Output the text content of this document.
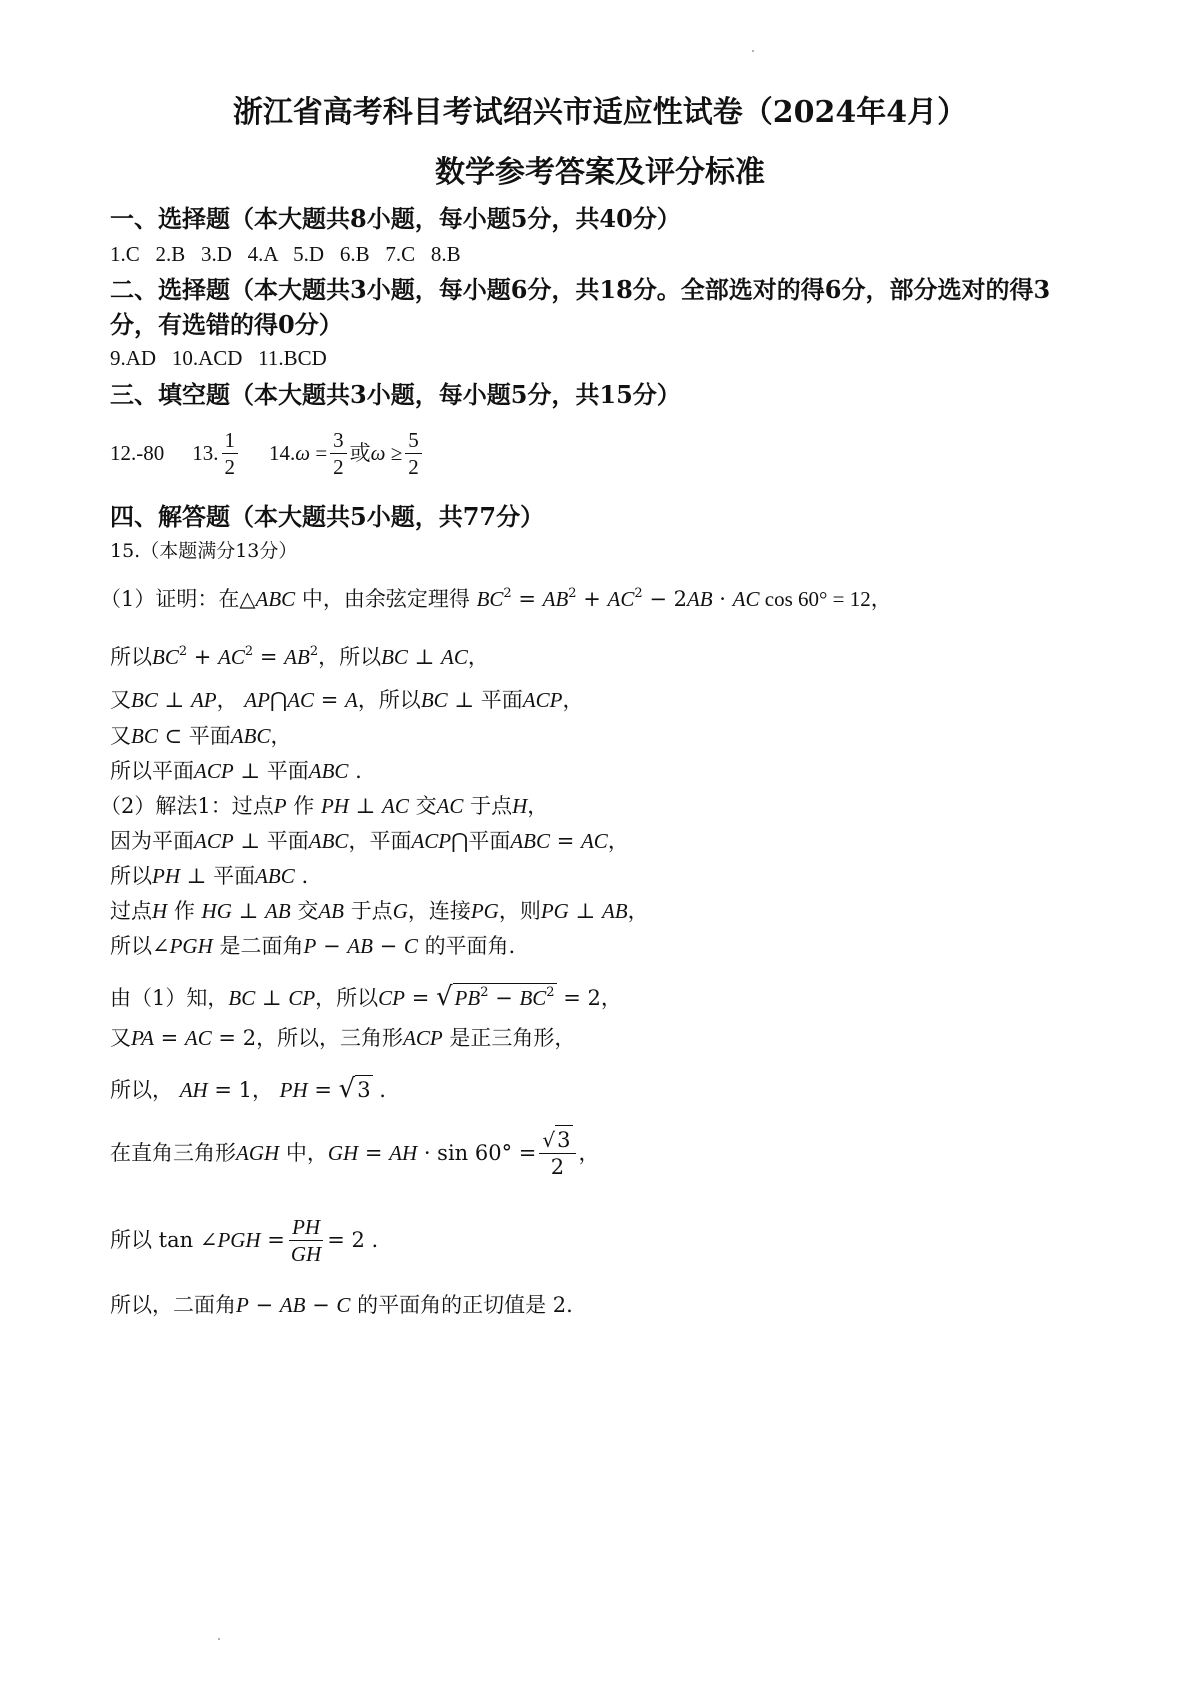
浙江省高考科目考试绍兴市适应性试卷（2024年4月）
数学参考答案及评分标准
一、选择题（本大题共8小题，每小题5分，共40分）
1.C   2.B   3.D   4.A   5.D   6.B   7.C   8.B
二、选择题（本大题共3小题，每小题6分，共18分。全部选对的得6分，部分选对的得3
分，有选错的得0分）
9.AD   10.ACD   11.BCD
三、填空题（本大题共3小题，每小题5分，共15分）
12.-80 13. $\frac{1}{2} 14$. $\omega = \frac{3}{2}$ 或 $\omega \ge \frac{5}{2}$
四、解答题（本大题共5小题，共77分）
15.（本题满分13分）
（1）证明：在△ABC 中，由余弦定理得 $BC^2 = AB^2 + AC^2 - 2AB$ · AC cos 60° = 12，
所以$BC^2 + AC^2 = AB^2$，所以BC ⊥ AC，
又BC ⊥ AP， AP⋂AC = A，所以BC ⊥ 平面ACP，
又BC ⊂ 平面ABC，
所以平面ACP ⊥ 平面ABC .
（2）解法1：过点P 作 PH ⊥ AC 交AC 于点H，
因为平面ACP ⊥ 平面ABC，平面ACP⋂平面ABC = AC，
所以PH ⊥ 平面ABC .
过点H 作 HG ⊥ AB 交AB 于点G，连接PG，则PG ⊥ AB，
所以∠PGH 是二面角P − AB − C 的平面角.
由（1）知，BC ⊥ CP，所以CP = $√PB^2 - BC^2 = 2$，
又PA = AC = 2，所以，三角形ACP 是正三角形，
所以， AH = 1， PH = √3 .
在直角三角形 AGH
中， GH = AH · $\sin 60^\circ = \frac{√3}{2}$ ，
所以 tan ∠ PGH = $\frac{PH}{GH} = 2$ .
所以，二面角P − AB − C 的平面角的正切值是 2.
